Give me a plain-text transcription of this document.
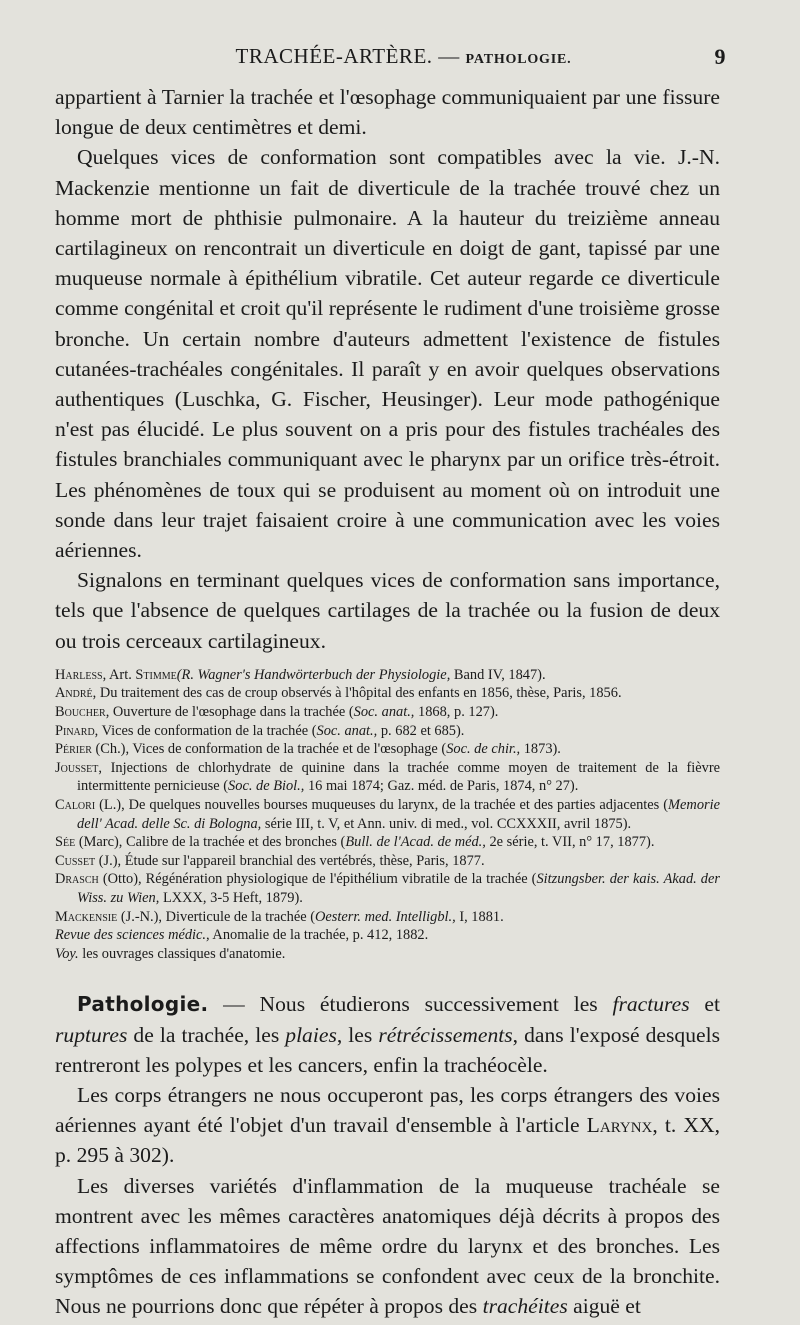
TRACHÉE-ARTÈRE. — PATHOLOGIE.	9

appartient à Tarnier la trachée et l'œsophage communiquaient par une fissure longue de deux centimètres et demi.

Quelques vices de conformation sont compatibles avec la vie. J.-N. Mackenzie mentionne un fait de diverticule de la trachée trouvé chez un homme mort de phthisie pulmonaire. A la hauteur du treizième anneau cartilagineux on rencontrait un diverticule en doigt de gant, tapissé par une muqueuse normale à épithélium vibratile. Cet auteur regarde ce diverticule comme congénital et croit qu'il représente le rudiment d'une troisième grosse bronche. Un certain nombre d'auteurs admettent l'existence de fistules cutanées-trachéales congénitales. Il paraît y en avoir quelques observations authentiques (Luschka, G. Fischer, Heusinger). Leur mode pathogénique n'est pas élucidé. Le plus souvent on a pris pour des fistules trachéales des fistules branchiales communiquant avec le pharynx par un orifice très-étroit. Les phénomènes de toux qui se produisent au moment où on introduit une sonde dans leur trajet faisaient croire à une communication avec les voies aériennes.

Signalons en terminant quelques vices de conformation sans importance, tels que l'absence de quelques cartilages de la trachée ou la fusion de deux ou trois cerceaux cartilagineux.

Harless, Art. Stimme(R. Wagner's Handwörterbuch der Physiologie, Band IV, 1847).

André, Du traitement des cas de croup observés à l'hôpital des enfants en 1856, thèse, Paris, 1856.

Boucher, Ouverture de l'œsophage dans la trachée (Soc. anat., 1868, p. 127).

Pinard, Vices de conformation de la trachée (Soc. anat., p. 682 et 685).

Périer (Ch.), Vices de conformation de la trachée et de l'œsophage (Soc. de chir., 1873).

Jousset, Injections de chlorhydrate de quinine dans la trachée comme moyen de traitement de la fièvre intermittente pernicieuse (Soc. de Biol., 16 mai 1874; Gaz. méd. de Paris, 1874, n° 27).

Calori (L.), De quelques nouvelles bourses muqueuses du larynx, de la trachée et des parties adjacentes (Memorie dell' Acad. delle Sc. di Bologna, série III, t. V, et Ann. univ. di med., vol. CCXXXII, avril 1875).

Sée (Marc), Calibre de la trachée et des bronches (Bull. de l'Acad. de méd., 2e série, t. VII, n° 17, 1877).

Cusset (J.), Étude sur l'appareil branchial des vertébrés, thèse, Paris, 1877.

Drasch (Otto), Régénération physiologique de l'épithélium vibratile de la trachée (Sitzungsber. der kais. Akad. der Wiss. zu Wien, LXXX, 3-5 Heft, 1879).

Mackensie (J.-N.), Diverticule de la trachée (Oesterr. med. Intelligbl., I, 1881.

Revue des sciences médic., Anomalie de la trachée, p. 412, 1882.

Voy. les ouvrages classiques d'anatomie.

Pathologie. — Nous étudierons successivement les fractures et ruptures de la trachée, les plaies, les rétrécissements, dans l'exposé desquels rentreront les polypes et les cancers, enfin la trachéocèle.

Les corps étrangers ne nous occuperont pas, les corps étrangers des voies aériennes ayant été l'objet d'un travail d'ensemble à l'article Larynx, t. XX, p. 295 à 302).

Les diverses variétés d'inflammation de la muqueuse trachéale se montrent avec les mêmes caractères anatomiques déjà décrits à propos des affections inflammatoires de même ordre du larynx et des bronches. Les symptômes de ces inflammations se confondent avec ceux de la bronchite. Nous ne pourrions donc que répéter à propos des trachéites aiguë et
